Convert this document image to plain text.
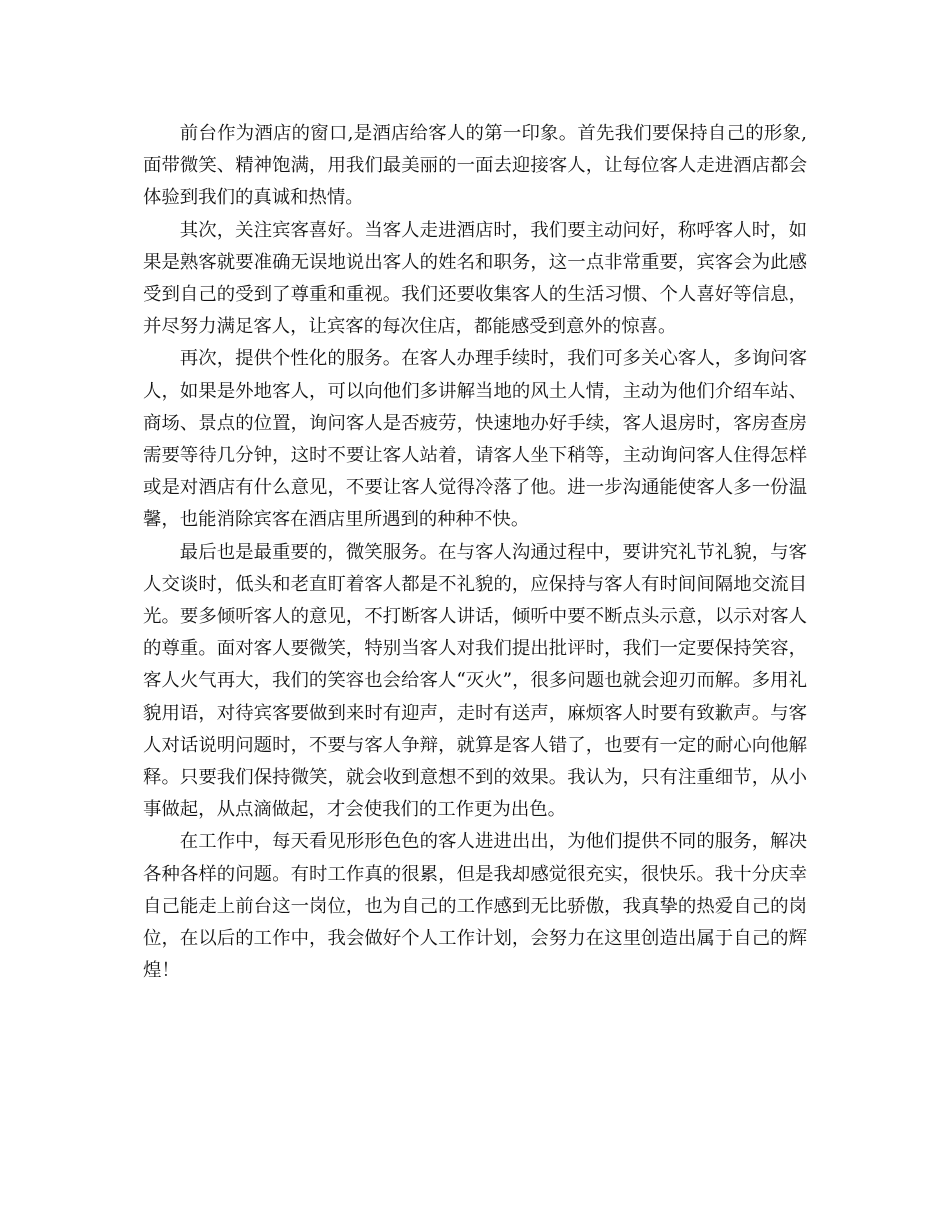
前台作为酒店的窗口,是酒店给客人的第一印象。首先我们要保持自己的形象,面带微笑、精神饱满，用我们最美丽的一面去迎接客人，让每位客人走进酒店都会体验到我们的真诚和热情。

其次，关注宾客喜好。当客人走进酒店时，我们要主动问好，称呼客人时，如果是熟客就要准确无误地说出客人的姓名和职务，这一点非常重要，宾客会为此感受到自己的受到了尊重和重视。我们还要收集客人的生活习惯、个人喜好等信息，并尽努力满足客人，让宾客的每次住店，都能感受到意外的惊喜。

再次，提供个性化的服务。在客人办理手续时，我们可多关心客人，多询问客人，如果是外地客人，可以向他们多讲解当地的风土人情，主动为他们介绍车站、商场、景点的位置，询问客人是否疲劳，快速地办好手续，客人退房时，客房查房需要等待几分钟，这时不要让客人站着，请客人坐下稍等，主动询问客人住得怎样或是对酒店有什么意见，不要让客人觉得冷落了他。进一步沟通能使客人多一份温馨，也能消除宾客在酒店里所遇到的种种不快。

最后也是最重要的，微笑服务。在与客人沟通过程中，要讲究礼节礼貌，与客人交谈时，低头和老直盯着客人都是不礼貌的，应保持与客人有时间间隔地交流目光。要多倾听客人的意见，不打断客人讲话，倾听中要不断点头示意，以示对客人的尊重。面对客人要微笑，特别当客人对我们提出批评时，我们一定要保持笑容，客人火气再大，我们的笑容也会给客人“灭火”，很多问题也就会迎刃而解。多用礼貌用语，对待宾客要做到来时有迎声，走时有送声，麻烦客人时要有致歉声。与客人对话说明问题时，不要与客人争辩，就算是客人错了，也要有一定的耐心向他解释。只要我们保持微笑，就会收到意想不到的效果。我认为，只有注重细节，从小事做起，从点滴做起，才会使我们的工作更为出色。

在工作中，每天看见形形色色的客人进进出出，为他们提供不同的服务，解决各种各样的问题。有时工作真的很累，但是我却感觉很充实，很快乐。我十分庆幸自己能走上前台这一岗位，也为自己的工作感到无比骄傲，我真挚的热爱自己的岗位，在以后的工作中，我会做好个人工作计划，会努力在这里创造出属于自己的辉煌！
